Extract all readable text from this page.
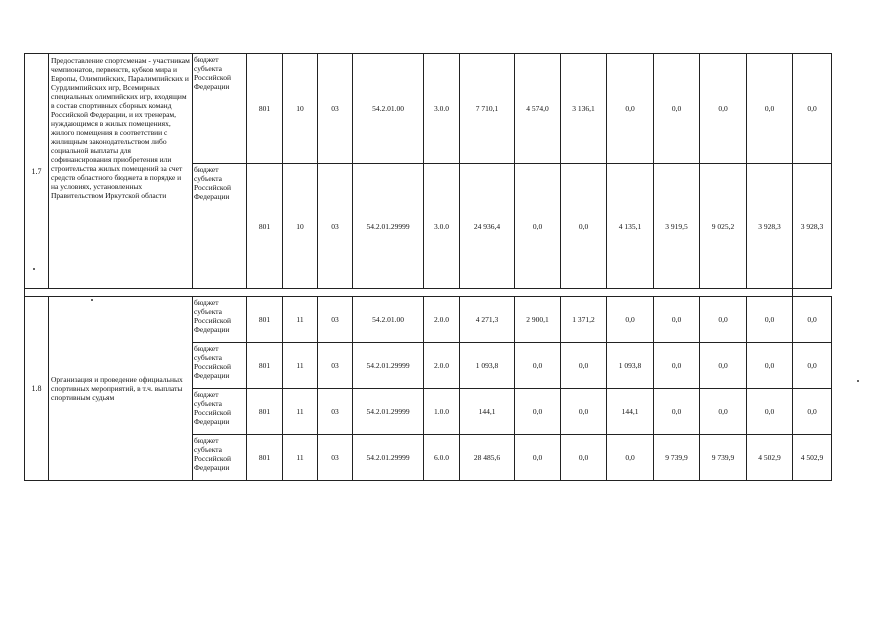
1.7	Предоставление спортсменам - участникам чемпионатов, первенств, кубков мира и Европы, Олимпийских, Паралимпийских и Сурдлимпийских игр, Всемирных специальных олимпийских игр, входящим в состав спортивных сборных команд Российской Федерации, и их тренерам, нуждающимся в жилых помещениях, жилого помещения в соответствии с жилищным законодательством либо социальной выплаты для софинансирования приобретения или строительства жилых помещений за счет средств областного бюджета в порядке и на условиях, установленных Правительством Иркутской области	бюджет субъекта Российской Федерации	801	10	03	54.2.01.00	3.0.0	7 710,1	4 574,0	3 136,1	0,0	0,0	0,0	0,0	0,0
		бюджет субъекта Российской Федерации	801	10	03	54.2.01.29999	3.0.0	24 936,4	0,0	0,0	4 135,1	3 919,5	9 025,2	3 928,3	3 928,3

1.8	Организация и проведение официальных спортивных мероприятий, в т.ч. выплаты спортивным судьям	бюджет субъекта Российской Федерации	801	11	03	54.2.01.00	2.0.0	4 271,3	2 900,1	1 371,2	0,0	0,0	0,0	0,0	0,0
		бюджет субъекта Российской Федерации	801	11	03	54.2.01.29999	2.0.0	1 093,8	0,0	0,0	1 093,8	0,0	0,0	0,0	0,0
		бюджет субъекта Российской Федерации	801	11	03	54.2.01.29999	1.0.0	144,1	0,0	0,0	144,1	0,0	0,0	0,0	0,0
		бюджет субъекта Российской Федерации	801	11	03	54.2.01.29999	6.0.0	28 485,6	0,0	0,0	0,0	9 739,9	9 739,9	4 502,9	4 502,9
